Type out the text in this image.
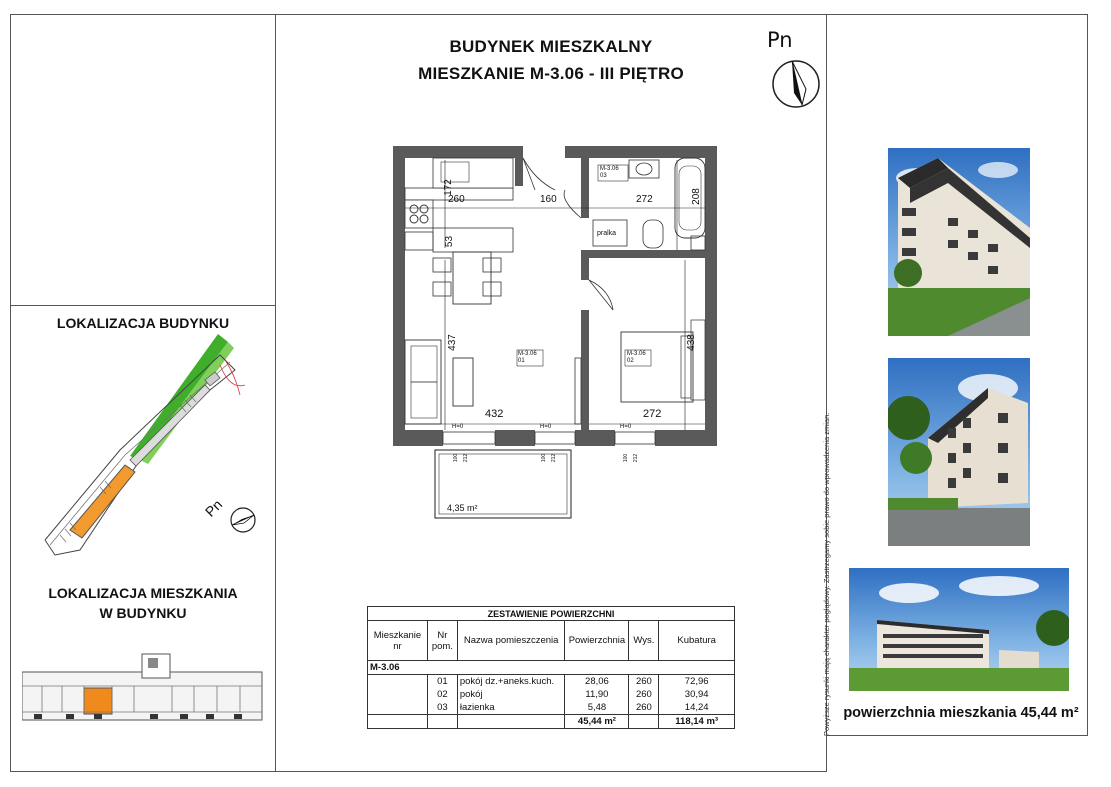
BUDYNEK MIESZKALNY
MIESZKANIE M-3.06 - III PIĘTRO
Pn
LOKALIZACJA BUDYNKU
Pn
LOKALIZACJA MIESZKANIA
W BUDYNKU
260	160	272
172
53
208
437	438
432	272
M-3.06
03
M-3.06
01
M-3.06
02
pralka
H=0	H=0	H=0
100 212	100 212	100 212
4,35 m²
ZESTAWIENIE POWIERZCHNI					
Mieszkanie nr	Nr pom.	Nazwa pomieszczenia	Powierzchnia	Wys.	Kubatura
M-3.06					
	01	pokój dz.+aneks.kuch.	28,06	260	72,96
	02	pokój	11,90	260	30,94
	03	łazienka	5,48	260	14,24
			45,44 m²		118,14 m³
powierzchnia mieszkania 45,44 m²
Powyższe rysunki mają charakter poglądowy. Zastrzegamy sobie prawo do wprowadzenia zmian.
